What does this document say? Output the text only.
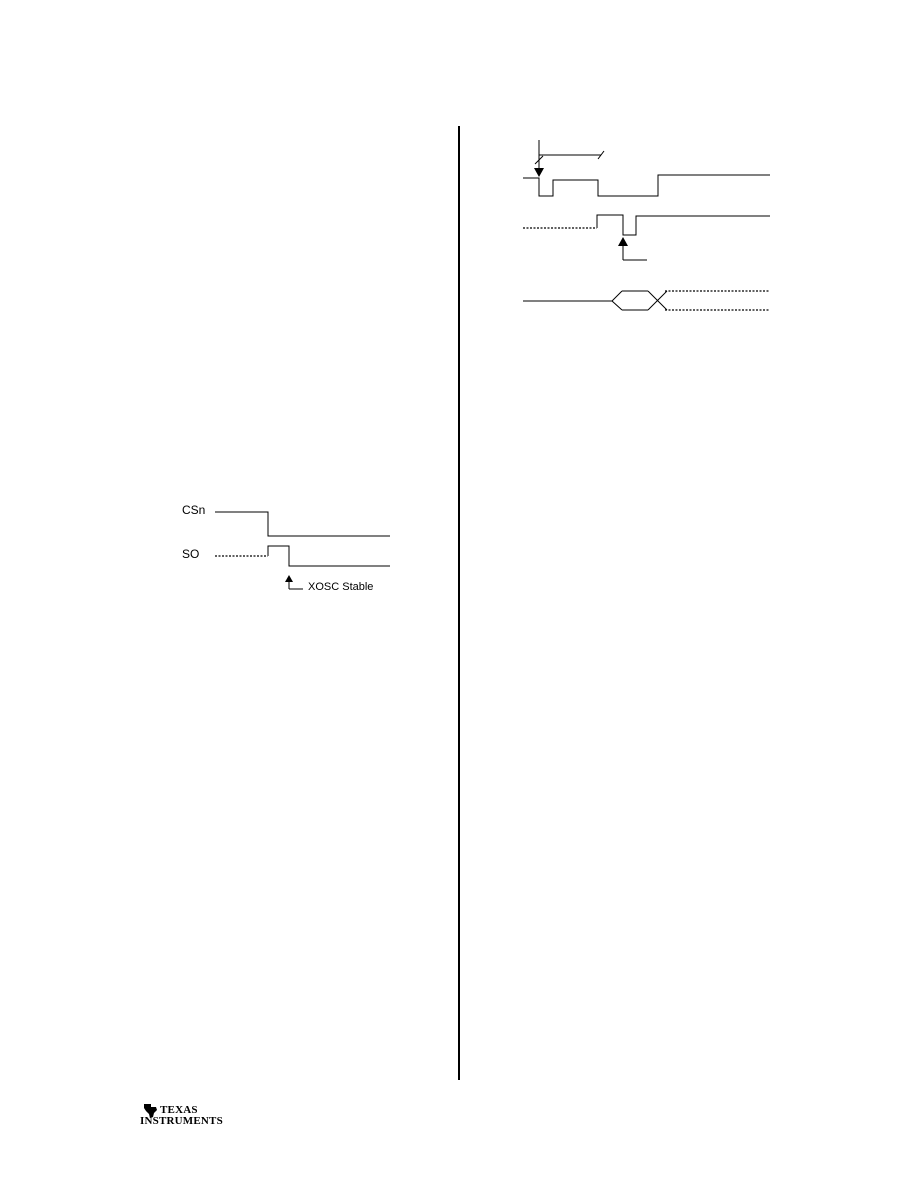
CSn
SO
XOSC Stable
TEXAS
INSTRUMENTS
